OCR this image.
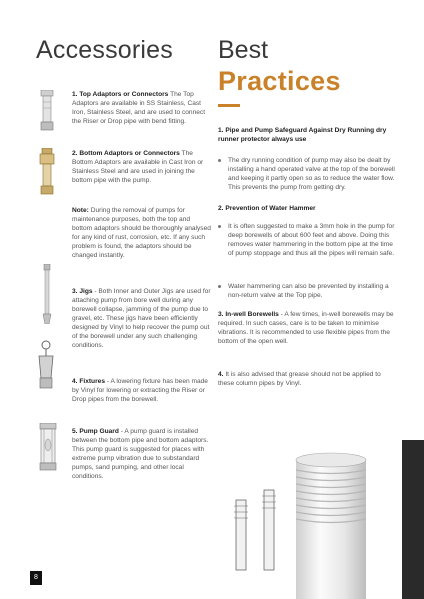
Accessories

1. Top Adaptors or Connectors The Top Adaptors are available in SS Stainless, Cast Iron, Stainless Steel, and are used to connect the Riser or Drop pipe with bend fitting.

2. Bottom Adaptors or Connectors The Bottom Adaptors are available in Cast Iron or Stainless Steel and are used in joining the bottom pipe with the pump.

Note: During the removal of pumps for maintenance purposes, both the top and bottom adaptors should be thoroughly analysed for any kind of rust, corrosion, etc. If any such problem is found, the adaptors should be changed instantly.

3. Jigs - Both Inner and Outer Jigs are used for attaching pump from bore well during any borewell collapse, jamming of the pump due to gravel, etc. These jigs have been efficiently designed by Vinyl to help recover the pump out of the borewell under any such challenging conditions.

4. Fixtures - A lowering fixture has been made by Vinyl for lowering or extracting the Riser or Drop pipes from the borewell.

5. Pump Guard - A pump guard is installed between the bottom pipe and bottom adaptors. This pump guard is suggested for places with extreme pump vibration due to substandard pumps, sand pumping, and other local conditions.

Best
Practices
1. Pipe and Pump Safeguard Against Dry Running dry runner protector always use
The dry running condition of pump may also be dealt by installing a hand operated valve at the top of the borewell and keeping it partly open so as to reduce the water flow. This prevents the pump from getting dry.
2. Prevention of Water Hammer
It is often suggested to make a 3mm hole in the pump for deep borewells of about 600 feet and above. Doing this removes water hammering in the bottom pipe at the time of pump stoppage and thus all the pipes will remain safe.
Water hammering can also be prevented by installing a non-return valve at the Top pipe.

3. In-well Borewells - A few times, in-well borewells may be required. In such cases, care is to be taken to minimise vibrations. It is recommended to use flexible pipes from the bottom of the open well.

4. It is also advised that grease should not be applied to these column pipes by Vinyl.

8
